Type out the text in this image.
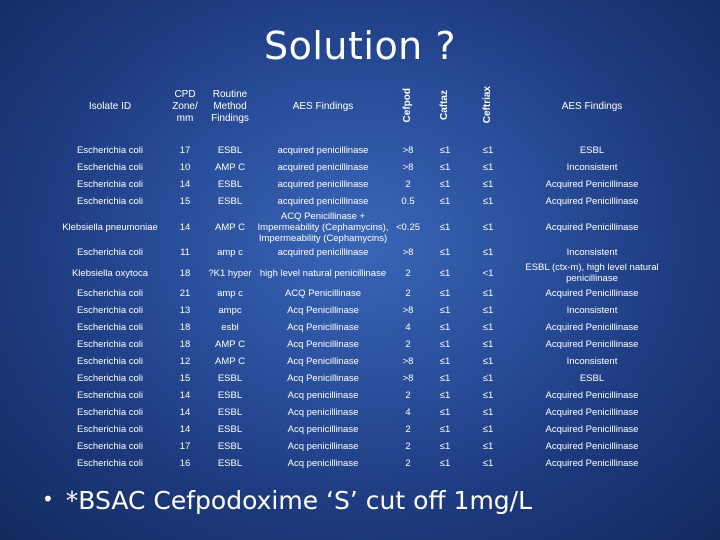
Solution ?
Isolate ID	CPD Zone/ mm	Routine Method Findings	AES Findings	Cefpod	Caftaz	Ceftriax	AES Findings
Escherichia coli	17	ESBL	acquired penicillinase	>8	≤1	≤1	ESBL
Escherichia coli	10	AMP C	acquired penicillinase	>8	≤1	≤1	Inconsistent
Escherichia coli	14	ESBL	acquired penicillinase	2	≤1	≤1	Acquired Penicillinase
Escherichia coli	15	ESBL	acquired penicillinase	0.5	≤1	≤1	Acquired Penicillinase
Klebsiella pneumoniae	14	AMP C	ACQ Penicillinase + Impermeability (Cephamycins), Impermeability (Cephamycins)	<0.25	≤1	≤1	Acquired Penicillinase
Escherichia coli	11	amp c	acquired penicillinase	>8	≤1	≤1	Inconsistent
Klebsiella oxytoca	18	?K1 hyper	high level natural penicillinase	2	≤1	<1	ESBL (ctx-m), high level natural penicillinase
Escherichia coli	21	amp c	ACQ Penicillinase	2	≤1	≤1	Acquired Penicillinase
Escherichia coli	13	ampc	Acq Penicillinase	>8	≤1	≤1	Inconsistent
Escherichia coli	18	esbl	Acq Penicillinase	4	≤1	≤1	Acquired Penicillinase
Escherichia coli	18	AMP C	Acq Penicillinase	2	≤1	≤1	Acquired Penicillinase
Escherichia coli	12	AMP C	Acq Penicillinase	>8	≤1	≤1	Inconsistent
Escherichia coli	15	ESBL	Acq Penicillinase	>8	≤1	≤1	ESBL
Escherichia coli	14	ESBL	Acq penicillinase	2	≤1	≤1	Acquired Penicillinase
Escherichia coli	14	ESBL	Acq penicillinase	4	≤1	≤1	Acquired Penicillinase
Escherichia coli	14	ESBL	Acq penicillinase	2	≤1	≤1	Acquired Penicillinase
Escherichia coli	17	ESBL	Acq penicillinase	2	≤1	≤1	Acquired Penicillinase
Escherichia coli	16	ESBL	Acq penicillinase	2	≤1	≤1	Acquired Penicillinase
• *BSAC Cefpodoxime ‘S’ cut off 1mg/L
